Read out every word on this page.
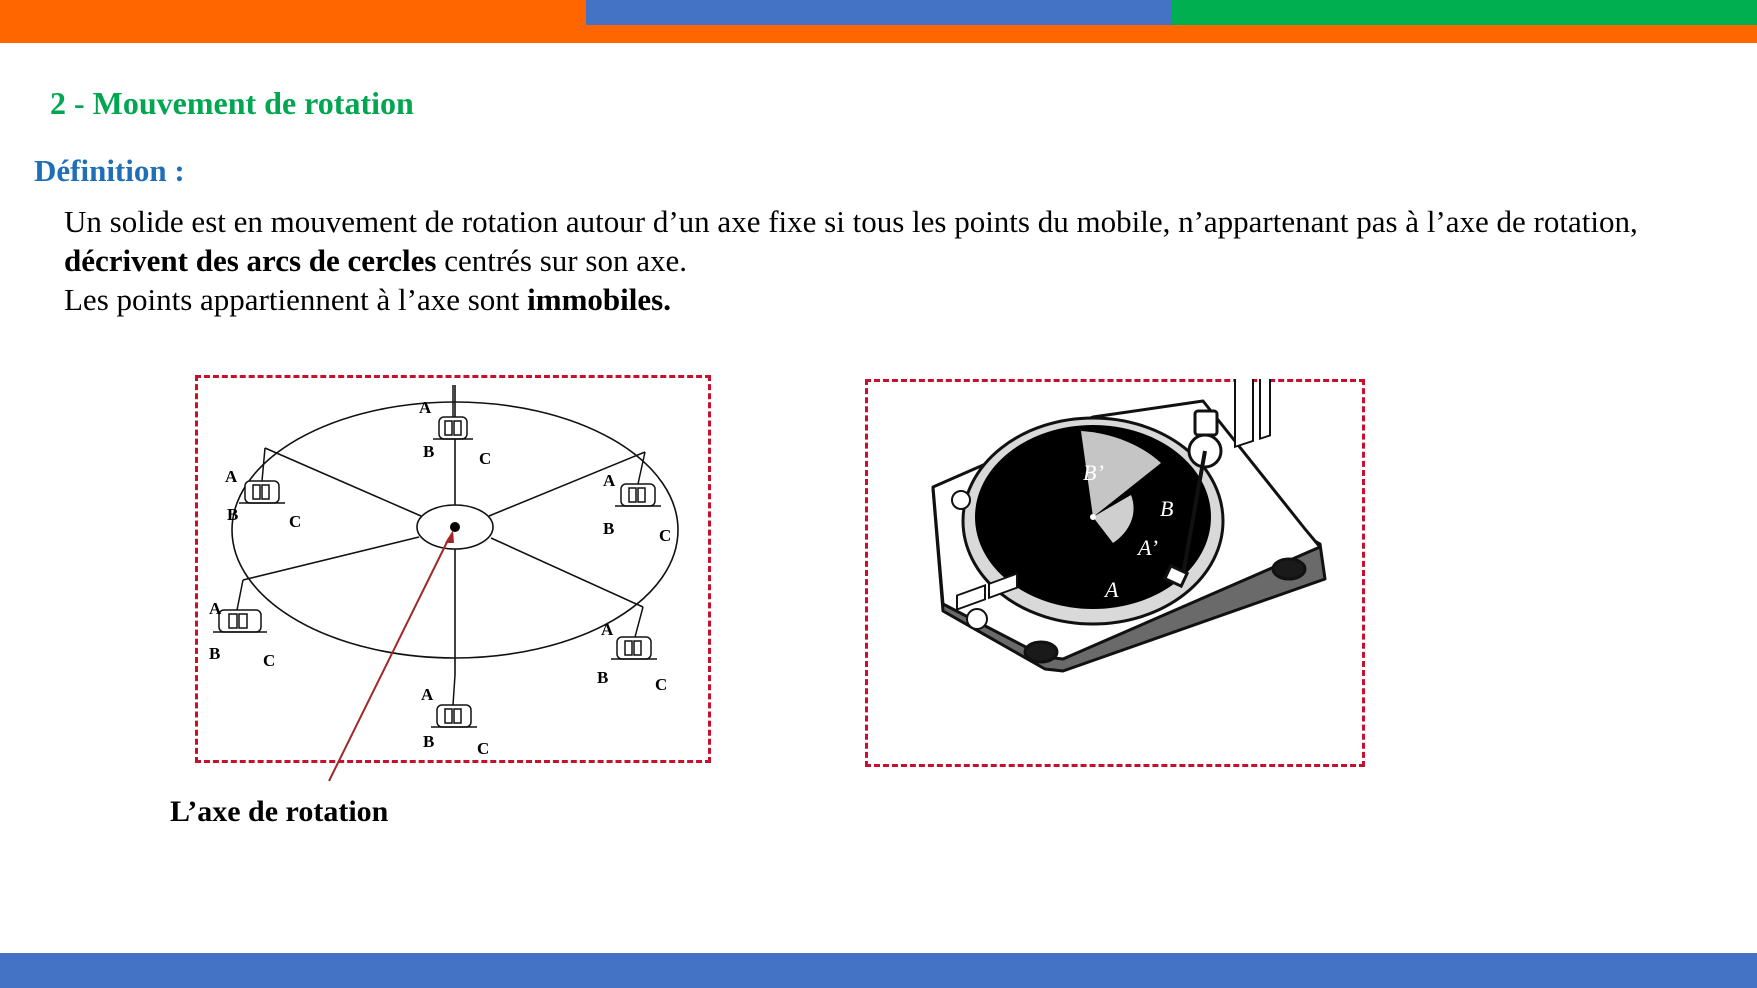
2 - Mouvement de rotation
Définition :

Un solide est en mouvement de rotation autour d’un axe fixe si tous les points du mobile, n’appartenant pas à l’axe de rotation, décrivent des arcs de cercles centrés sur son axe.

Les points appartiennent à l’axe sont immobiles.

A
B	C
A
B	C
A
B	C
A
B	C
A
B	C
A
B	C

L’axe de rotation

B’
B
A’
A
